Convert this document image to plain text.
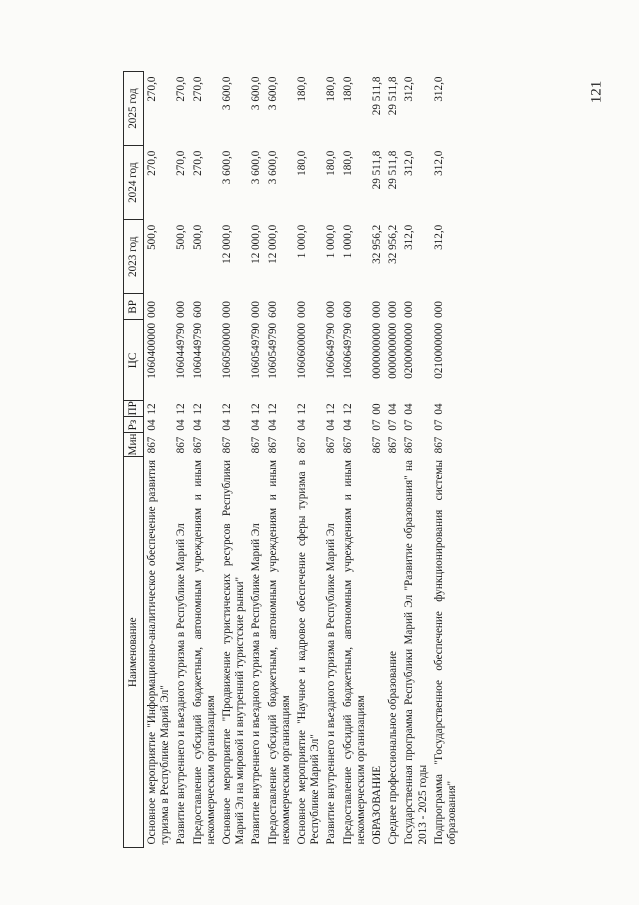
121
Наименование	Мин	Рз	ПР	ЦС	ВР	2023 год	2024 год	2025 год
Основное мероприятие "Информационно-аналитическое обеспечение развития туризма в Республике Марий Эл"	867	04	12	1060400000	000	500,0	270,0	270,0
Развитие внутреннего и въездного туризма в Республике Марий Эл	867	04	12	1060449790	000	500,0	270,0	270,0
Предоставление субсидий бюджетным, автономным учреждениям и иным некоммерческим организациям	867	04	12	1060449790	600	500,0	270,0	270,0
Основное мероприятие "Продвижение туристических ресурсов Республики Марий Эл на мировой и внутренний туристские рынки"	867	04	12	1060500000	000	12 000,0	3 600,0	3 600,0
Развитие внутреннего и въездного туризма в Республике Марий Эл	867	04	12	1060549790	000	12 000,0	3 600,0	3 600,0
Предоставление субсидий бюджетным, автономным учреждениям и иным некоммерческим организациям	867	04	12	1060549790	600	12 000,0	3 600,0	3 600,0
Основное мероприятие "Научное и кадровое обеспечение сферы туризма в Республике Марий Эл"	867	04	12	1060600000	000	1 000,0	180,0	180,0
Развитие внутреннего и въездного туризма в Республике Марий Эл	867	04	12	1060649790	000	1 000,0	180,0	180,0
Предоставление субсидий бюджетным, автономным учреждениям и иным некоммерческим организациям	867	04	12	1060649790	600	1 000,0	180,0	180,0
ОБРАЗОВАНИЕ	867	07	00	0000000000	000	32 956,2	29 511,8	29 511,8
Среднее профессиональное образование	867	07	04	0000000000	000	32 956,2	29 511,8	29 511,8
Государственная программа Республики Марий Эл "Развитие образования" на 2013 - 2025 годы	867	07	04	0200000000	000	312,0	312,0	312,0
Подпрограмма "Государственное обеспечение функционирования системы образования"	867	07	04	0210000000	000	312,0	312,0	312,0
